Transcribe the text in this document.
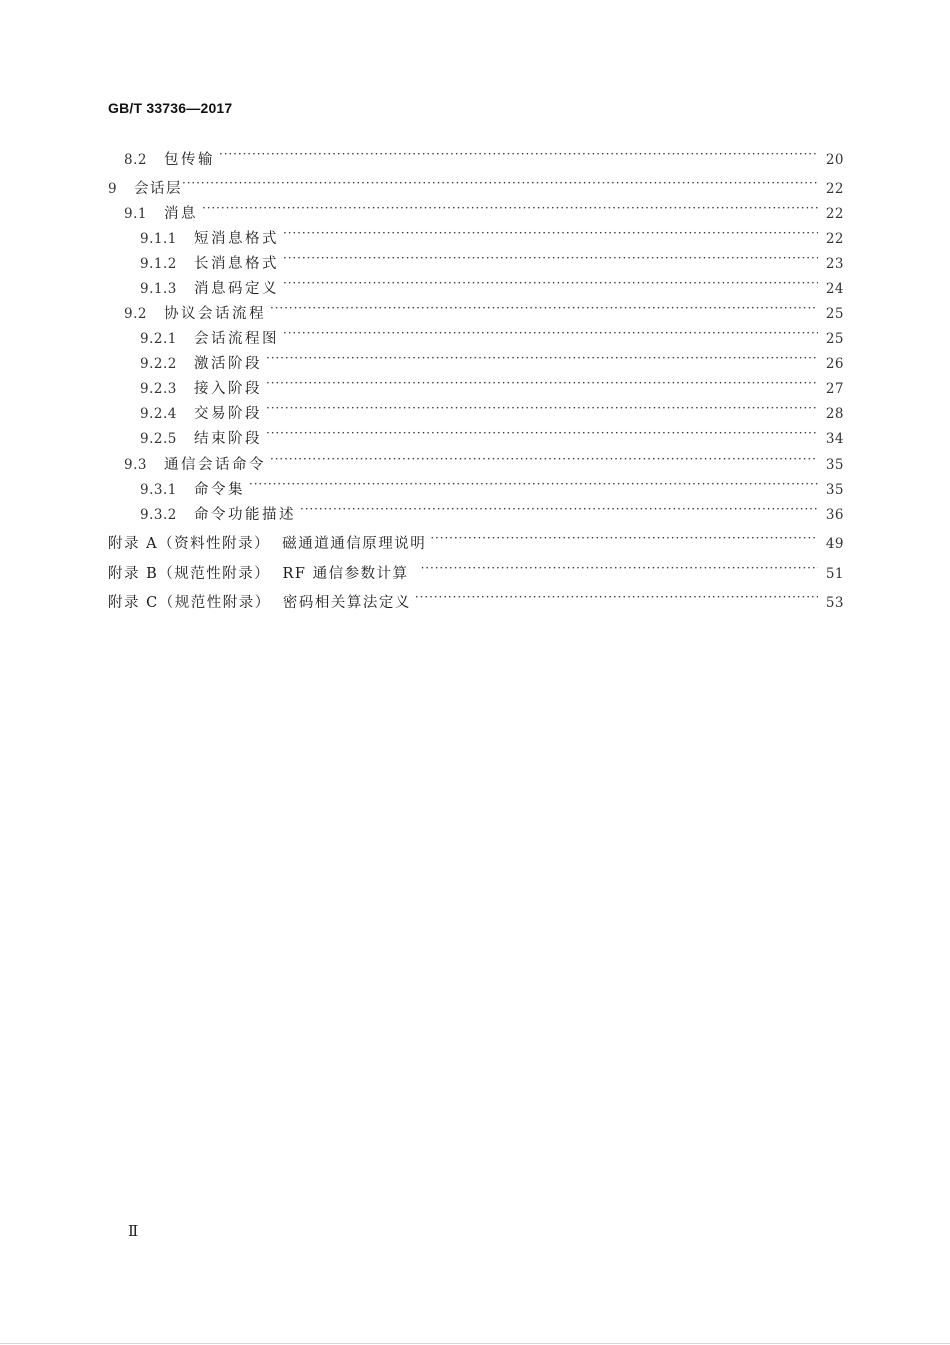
GB/T 33736—2017
8.2	包传输 ·····	20
9	会话层 ·····	22
9.1	消息 ·····	22
9.1.1	短消息格式 ·····	22
9.1.2	长消息格式 ·····	23
9.1.3	消息码定义 ·····	24
9.2	协议会话流程 ·····	25
9.2.1	会话流程图 ·····	25
9.2.2	激活阶段 ·····	26
9.2.3	接入阶段 ·····	27
9.2.4	交易阶段 ·····	28
9.2.5	结束阶段 ·····	34
9.3	通信会话命令 ·····	35
9.3.1	命令集 ·····	35
9.3.2	命令功能描述 ·····	36
附录 A（资料性附录）  磁通道通信原理说明 ·····	49
附录 B（规范性附录）  RF 通信参数计算 ·····	51
附录 C（规范性附录）  密码相关算法定义 ·····	53
Ⅱ
